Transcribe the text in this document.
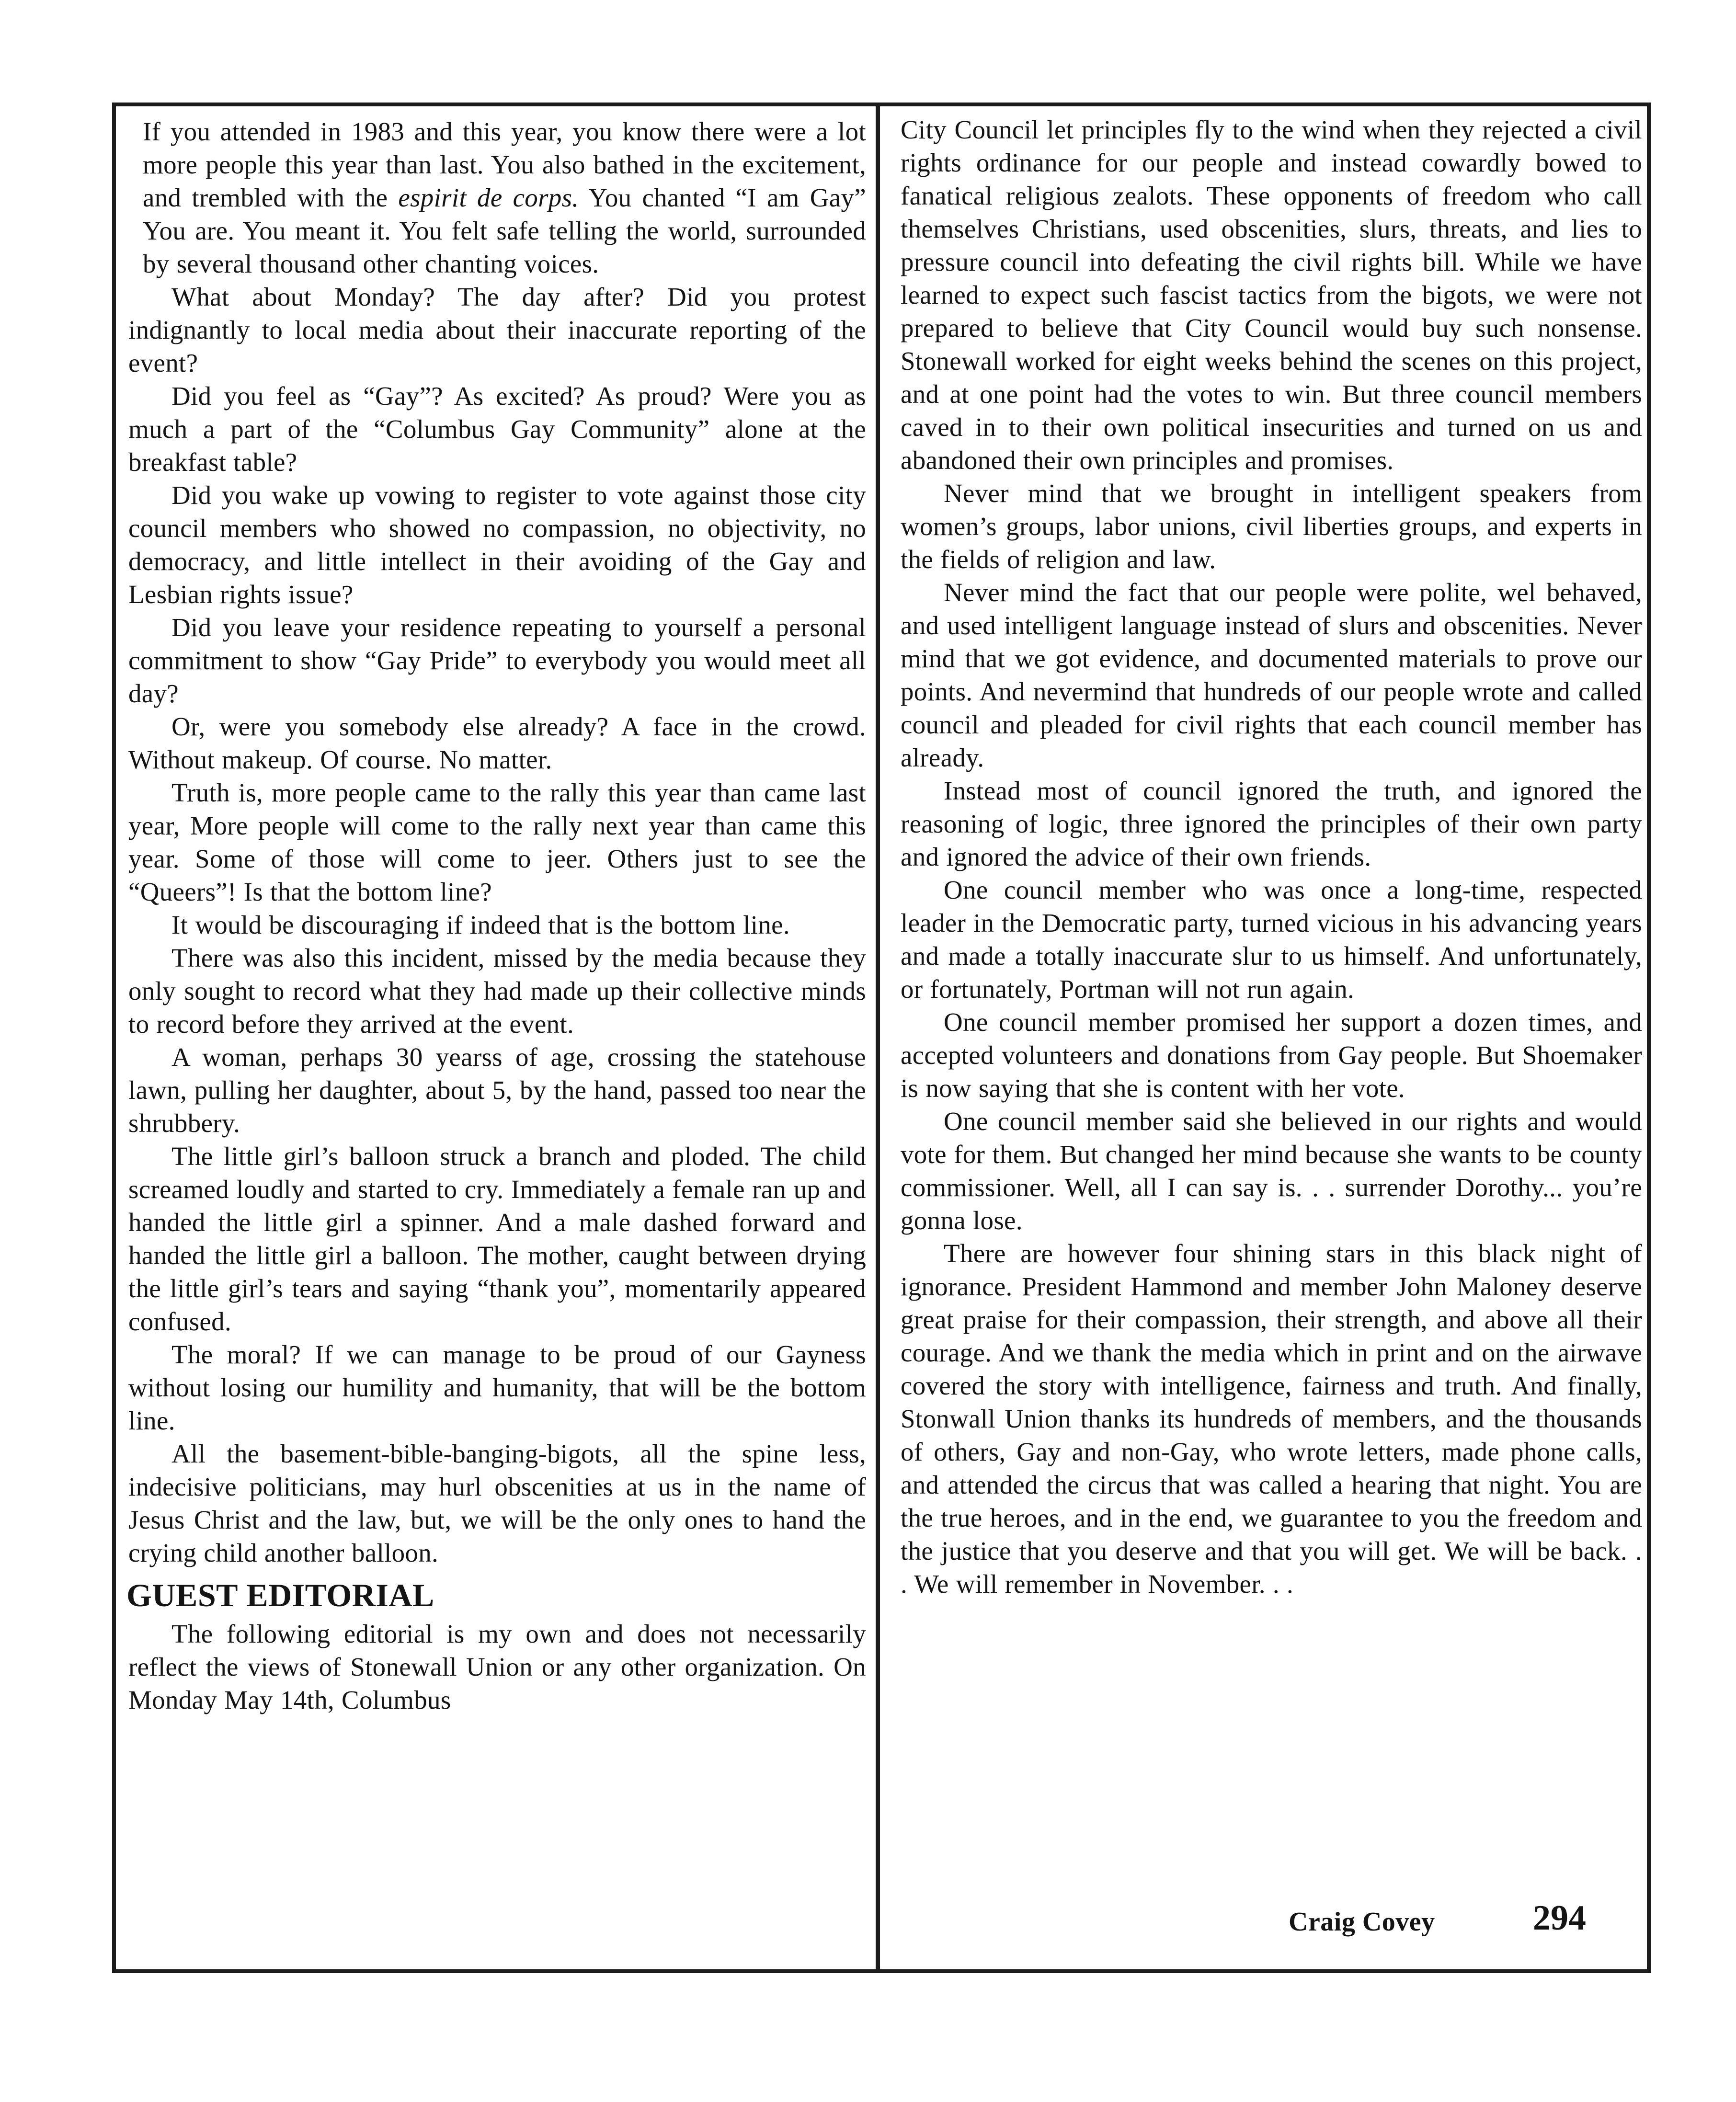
If you attended in 1983 and this year, you know there were a lot more people this year than last. You also bathed in the excitement, and trembled with the espirit de corps. You chanted “I am Gay” You are. You meant it. You felt safe telling the world, surrounded by several thousand other chanting voices.

What about Monday? The day after? Did you protest indignantly to local media about their inaccurate reporting of the event?

Did you feel as “Gay”? As excited? As proud? Were you as much a part of the “Columbus Gay Community” alone at the breakfast table?

Did you wake up vowing to register to vote against those city council members who showed no compassion, no objectivity, no democracy, and little intellect in their avoiding of the Gay and Lesbian rights issue?

Did you leave your residence repeating to yourself a personal commitment to show “Gay Pride” to everybody you would meet all day?

Or, were you somebody else already? A face in the crowd. Without makeup. Of course. No matter.

Truth is, more people came to the rally this year than came last year, More people will come to the rally next year than came this year. Some of those will come to jeer. Others just to see the “Queers”! Is that the bottom line?

It would be discouraging if indeed that is the bottom line.

There was also this incident, missed by the media because they only sought to record what they had made up their collective minds to record before they arrived at the event.

A woman, perhaps 30 yearss of age, crossing the statehouse lawn, pulling her daughter, about 5, by the hand, passed too near the shrubbery.

The little girl’s balloon struck a branch and ploded. The child screamed loudly and started to cry. Immediately a female ran up and handed the little girl a spinner. And a male dashed forward and handed the little girl a balloon. The mother, caught between drying the little girl’s tears and saying “thank you”, momentarily appeared confused.

The moral? If we can manage to be proud of our Gayness without losing our humility and humanity, that will be the bottom line.

All the basement-bible-banging-bigots, all the spine less, indecisive politicians, may hurl obscenities at us in the name of Jesus Christ and the law, but, we will be the only ones to hand the crying child another balloon.

GUEST EDITORIAL

The following editorial is my own and does not necessarily reflect the views of Stonewall Union or any other organization. On Monday May 14th, Columbus

City Council let principles fly to the wind when they rejected a civil rights ordinance for our people and instead cowardly bowed to fanatical religious zealots. These opponents of freedom who call themselves Christians, used obscenities, slurs, threats, and lies to pressure council into defeating the civil rights bill. While we have learned to expect such fascist tactics from the bigots, we were not prepared to believe that City Council would buy such nonsense. Stonewall worked for eight weeks behind the scenes on this project, and at one point had the votes to win. But three council members caved in to their own political insecurities and turned on us and abandoned their own principles and promises.

Never mind that we brought in intelligent speakers from women’s groups, labor unions, civil liberties groups, and experts in the fields of religion and law.

Never mind the fact that our people were polite, wel behaved, and used intelligent language instead of slurs and obscenities. Never mind that we got evidence, and documented materials to prove our points. And nevermind that hundreds of our people wrote and called council and pleaded for civil rights that each council member has already.

Instead most of council ignored the truth, and ignored the reasoning of logic, three ignored the principles of their own party and ignored the advice of their own friends.

One council member who was once a long-time, respected leader in the Democratic party, turned vicious in his advancing years and made a totally inaccurate slur to us himself. And unfortunately, or fortunately, Portman will not run again.

One council member promised her support a dozen times, and accepted volunteers and donations from Gay people. But Shoemaker is now saying that she is content with her vote.

One council member said she believed in our rights and would vote for them. But changed her mind because she wants to be county commissioner. Well, all I can say is. . . surrender Dorothy... you’re gonna lose.

There are however four shining stars in this black night of ignorance. President Hammond and member John Maloney deserve great praise for their compassion, their strength, and above all their courage. And we thank the media which in print and on the airwave covered the story with intelligence, fairness and truth. And finally, Stonwall Union thanks its hundreds of members, and the thousands of others, Gay and non-Gay, who wrote letters, made phone calls, and attended the circus that was called a hearing that night. You are the true heroes, and in the end, we guarantee to you the freedom and the justice that you deserve and that you will get. We will be back. . . We will remember in November. . .

Craig Covey	294
